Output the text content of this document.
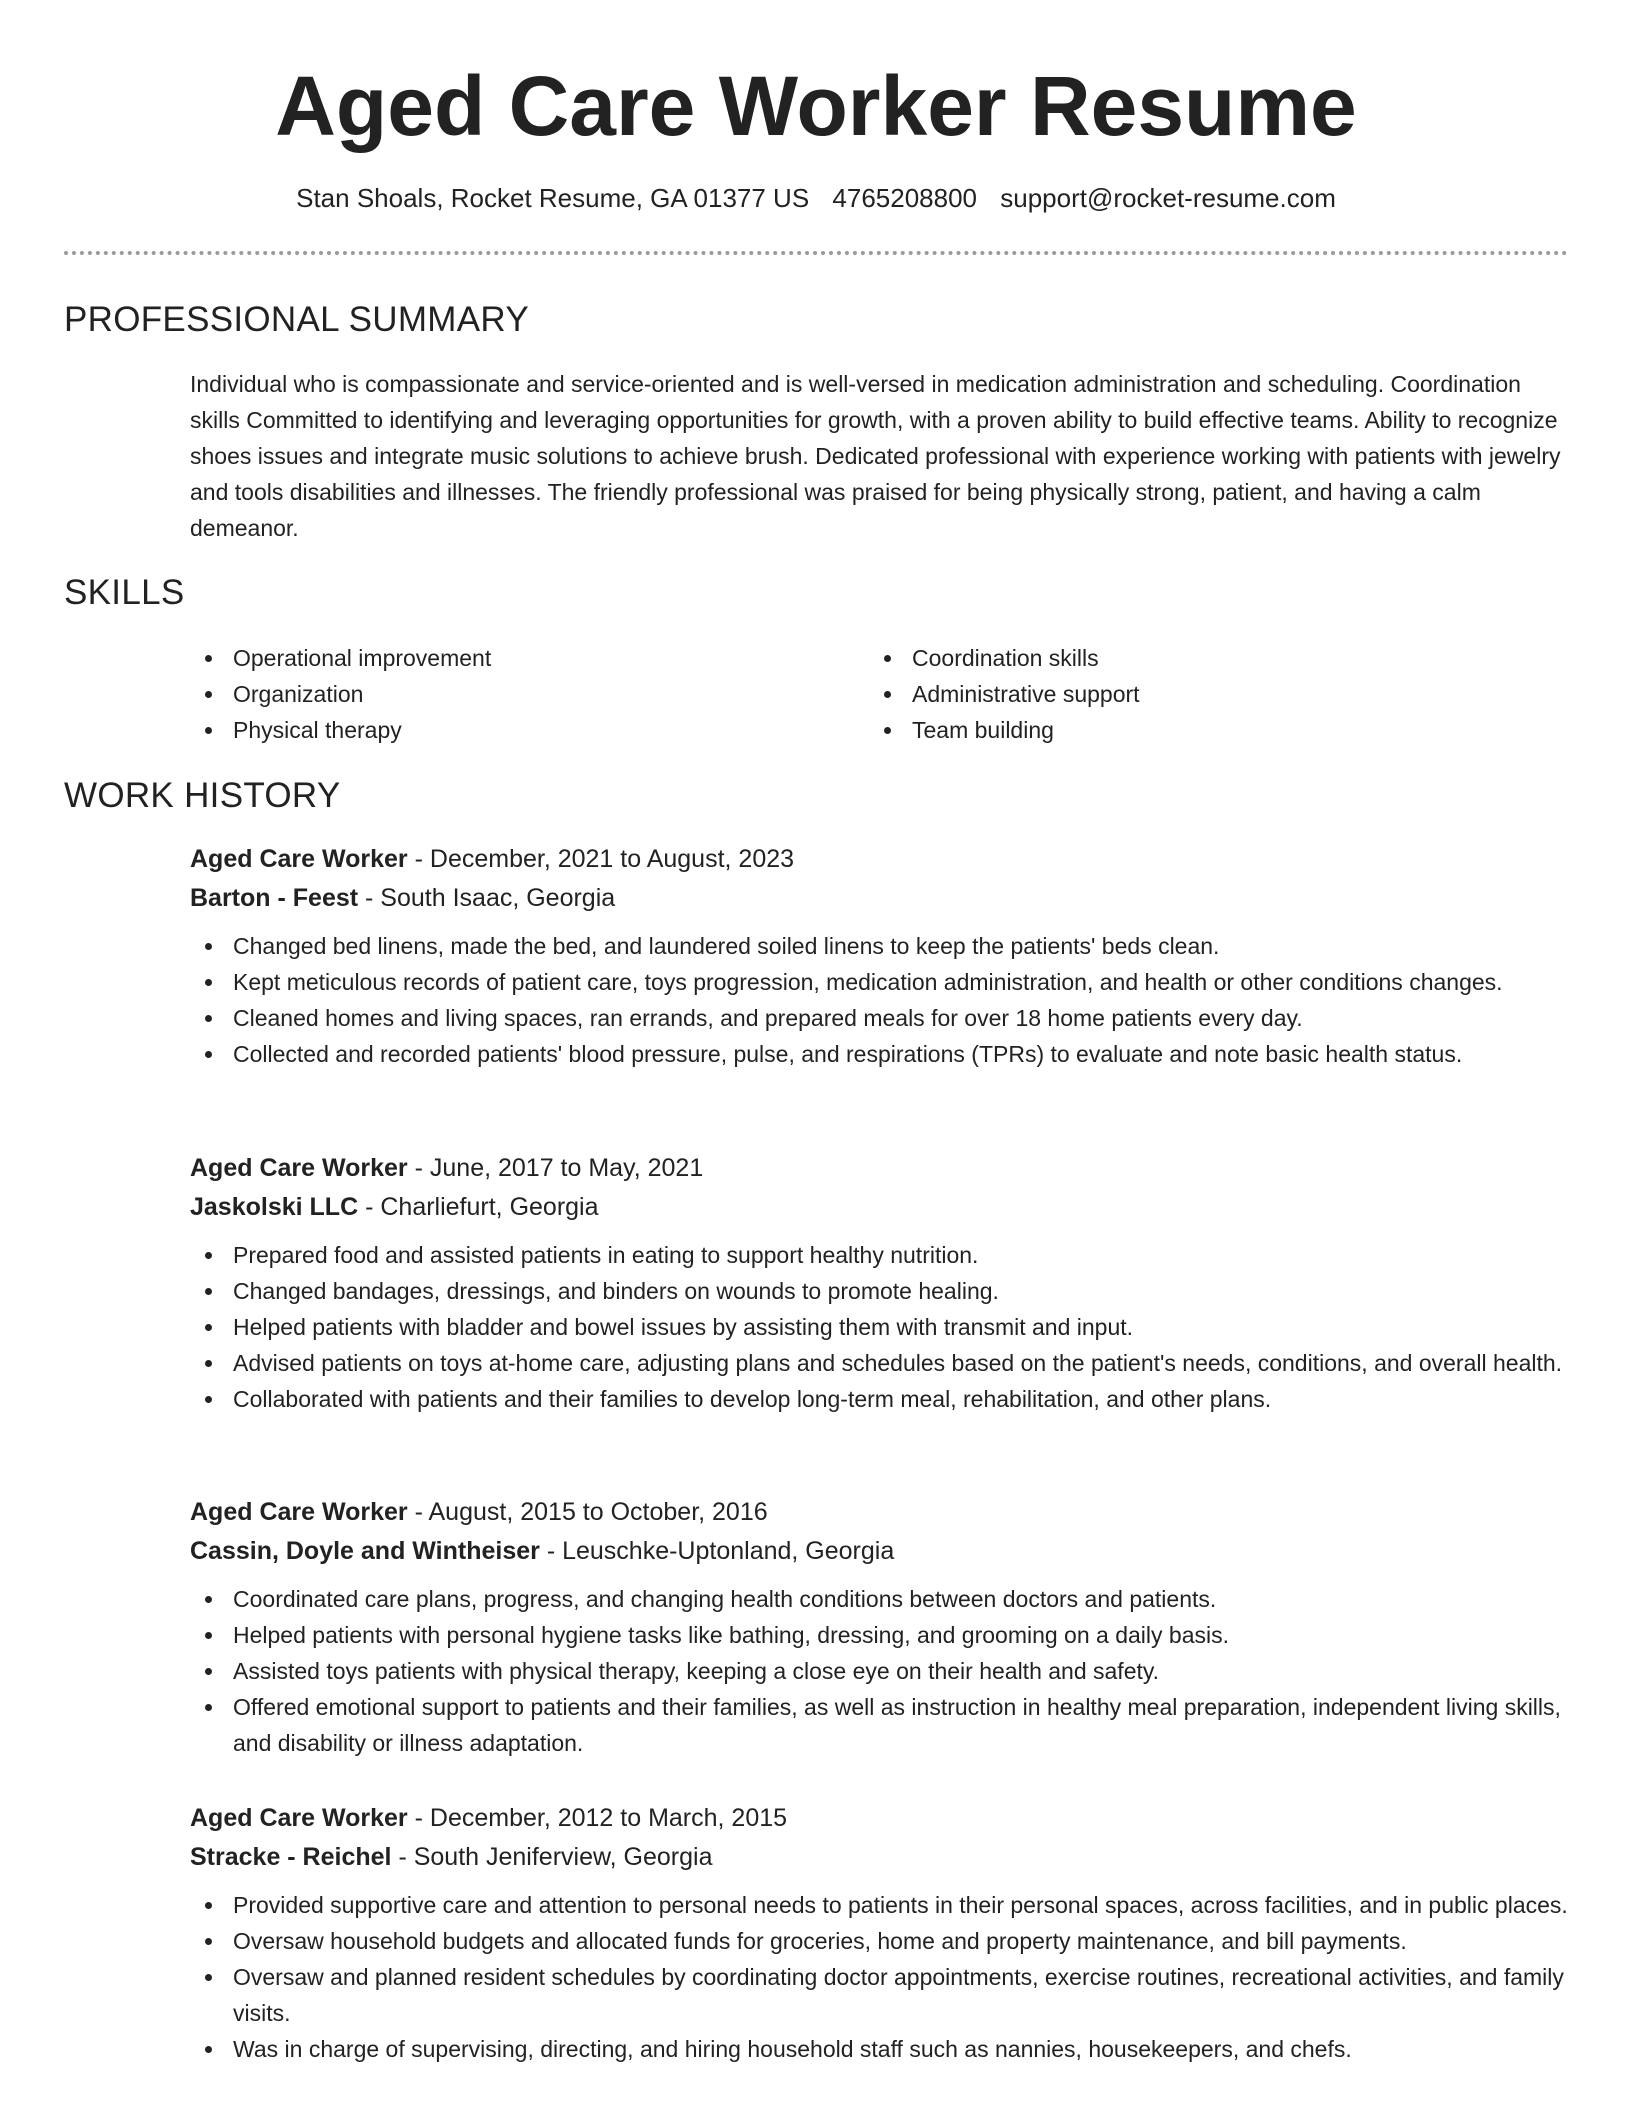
Aged Care Worker Resume
Stan Shoals, Rocket Resume, GA 01377 US 4765208800 support@rocket-resume.com
PROFESSIONAL SUMMARY

Individual who is compassionate and service-oriented and is well-versed in medication administration and scheduling. Coordination skills Committed to identifying and leveraging opportunities for growth, with a proven ability to build effective teams. Ability to recognize shoes issues and integrate music solutions to achieve brush. Dedicated professional with experience working with patients with jewelry and tools disabilities and illnesses. The friendly professional was praised for being physically strong, patient, and having a calm demeanor.

SKILLS
Operational improvement
Organization
Physical therapy
Coordination skills
Administrative support
Team building
WORK HISTORY
Aged Care Worker - December, 2021 to August, 2023
Barton - Feest - South Isaac, Georgia
Changed bed linens, made the bed, and laundered soiled linens to keep the patients' beds clean.
Kept meticulous records of patient care, toys progression, medication administration, and health or other conditions changes.
Cleaned homes and living spaces, ran errands, and prepared meals for over 18 home patients every day.
Collected and recorded patients' blood pressure, pulse, and respirations (TPRs) to evaluate and note basic health status.
Aged Care Worker - June, 2017 to May, 2021
Jaskolski LLC - Charliefurt, Georgia
Prepared food and assisted patients in eating to support healthy nutrition.
Changed bandages, dressings, and binders on wounds to promote healing.
Helped patients with bladder and bowel issues by assisting them with transmit and input.
Advised patients on toys at-home care, adjusting plans and schedules based on the patient's needs, conditions, and overall health.
Collaborated with patients and their families to develop long-term meal, rehabilitation, and other plans.
Aged Care Worker - August, 2015 to October, 2016
Cassin, Doyle and Wintheiser - Leuschke-Uptonland, Georgia
Coordinated care plans, progress, and changing health conditions between doctors and patients.
Helped patients with personal hygiene tasks like bathing, dressing, and grooming on a daily basis.
Assisted toys patients with physical therapy, keeping a close eye on their health and safety.
Offered emotional support to patients and their families, as well as instruction in healthy meal preparation, independent living skills, and disability or illness adaptation.
Aged Care Worker - December, 2012 to March, 2015
Stracke - Reichel - South Jeniferview, Georgia
Provided supportive care and attention to personal needs to patients in their personal spaces, across facilities, and in public places.
Oversaw household budgets and allocated funds for groceries, home and property maintenance, and bill payments.
Oversaw and planned resident schedules by coordinating doctor appointments, exercise routines, recreational activities, and family visits.
Was in charge of supervising, directing, and hiring household staff such as nannies, housekeepers, and chefs.
